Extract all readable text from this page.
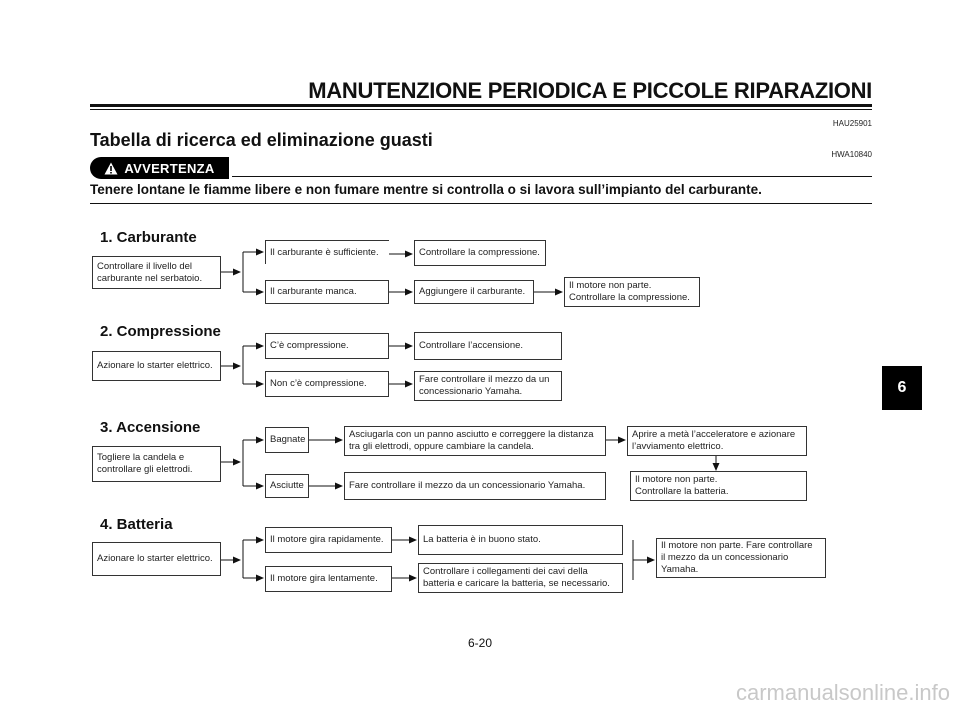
MANUTENZIONE PERIODICA E PICCOLE RIPARAZIONI
HAU25901
Tabella di ricerca ed eliminazione guasti
HWA10840
AVVERTENZA
Tenere lontane le fiamme libere e non fumare mentre si controlla o si lavora sull’impianto del carburante.
1. Carburante
Controllare il livello del
carburante nel serbatoio.
Il carburante è sufficiente.	Controllare la compressione.
Il carburante manca.	Aggiungere il carburante.
Il motore non parte.
Controllare la compressione.
2. Compressione
Azionare lo starter elettrico.
C’è compressione.	Controllare l’accensione.
Non c’è compressione.	Fare controllare il mezzo da un
concessionario Yamaha.
3. Accensione
Togliere la candela e
controllare gli elettrodi.
Bagnate	Asciugarla con un panno asciutto e correggere la distanza
tra gli elettrodi, oppure cambiare la candela.
Aprire a metà l’acceleratore e azionare
l’avviamento elettrico.
Asciutte	Fare controllare il mezzo da un concessionario Yamaha.
Il motore non parte.
Controllare la batteria.
4. Batteria
Azionare lo starter elettrico.
Il motore gira rapidamente.	La batteria è in buono stato.
Il motore gira lentamente.
Controllare i collegamenti dei cavi della
batteria e caricare la batteria, se necessario.
Il motore non parte. Fare controllare
il mezzo da un concessionario
Yamaha.
6
6-20
carmanualsonline.info
